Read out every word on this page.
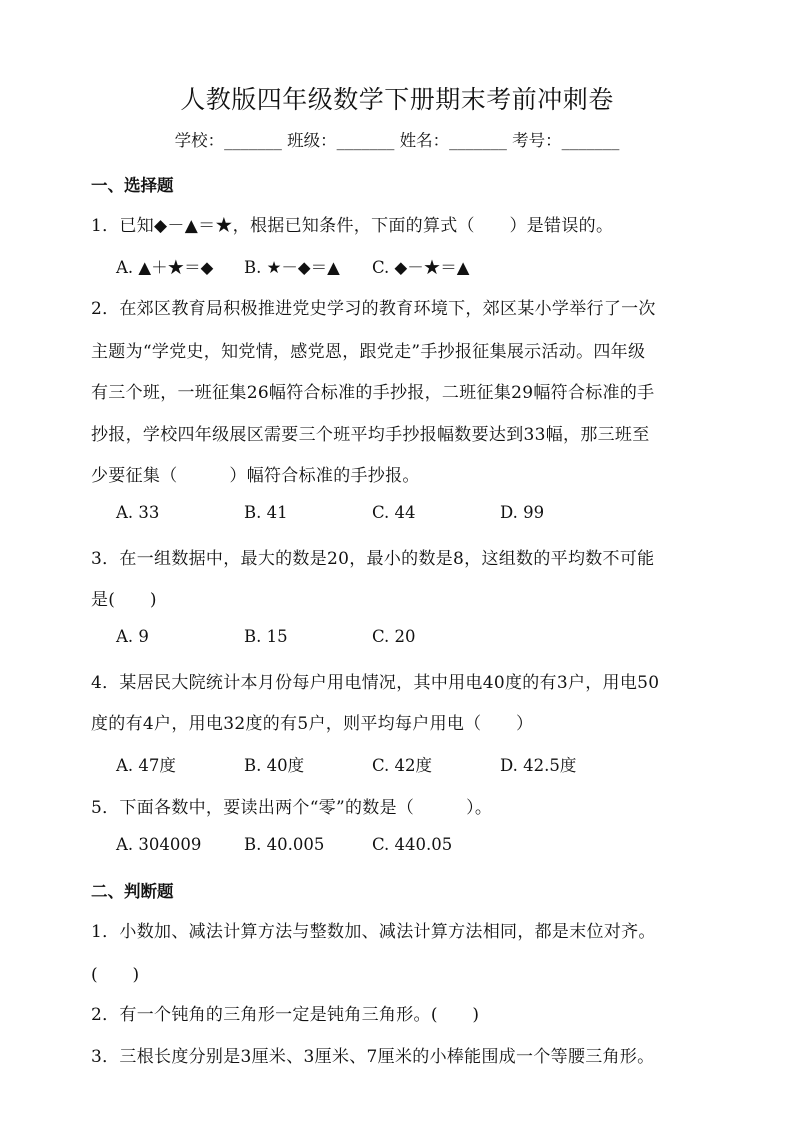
人教版四年级数学下册期末考前冲刺卷
学校：_______ 班级：_______ 姓名：_______ 考号：_______
一、选择题
1．已知◆－▲＝★，根据已知条件，下面的算式（　　）是错误的。
A. ▲＋★＝◆ B. ★－◆＝▲ C. ◆－★＝▲
2．在郊区教育局积极推进党史学习的教育环境下，郊区某小学举行了一次
主题为“学党史，知党情，感党恩，跟党走”手抄报征集展示活动。四年级
有三个班，一班征集26幅符合标准的手抄报，二班征集29幅符合标准的手
抄报，学校四年级展区需要三个班平均手抄报幅数要达到33幅，那三班至
少要征集（　　　）幅符合标准的手抄报。
A. 33	B. 41	C. 44	D. 99
3．在一组数据中，最大的数是20，最小的数是8，这组数的平均数不可能
是(　　)
A. 9	B. 15	C. 20
4．某居民大院统计本月份每户用电情况，其中用电40度的有3户，用电50
度的有4户，用电32度的有5户，则平均每户用电（　　）
A. 47度	B. 40度	C. 42度	D. 42.5度
5．下面各数中，要读出两个“零”的数是（　　　）。
A. 304009	B. 40.005	C. 440.05
二、判断题
1．小数加、减法计算方法与整数加、减法计算方法相同，都是末位对齐。
(　　)
2．有一个钝角的三角形一定是钝角三角形。(　　)
3．三根长度分别是3厘米、3厘米、7厘米的小棒能围成一个等腰三角形。
